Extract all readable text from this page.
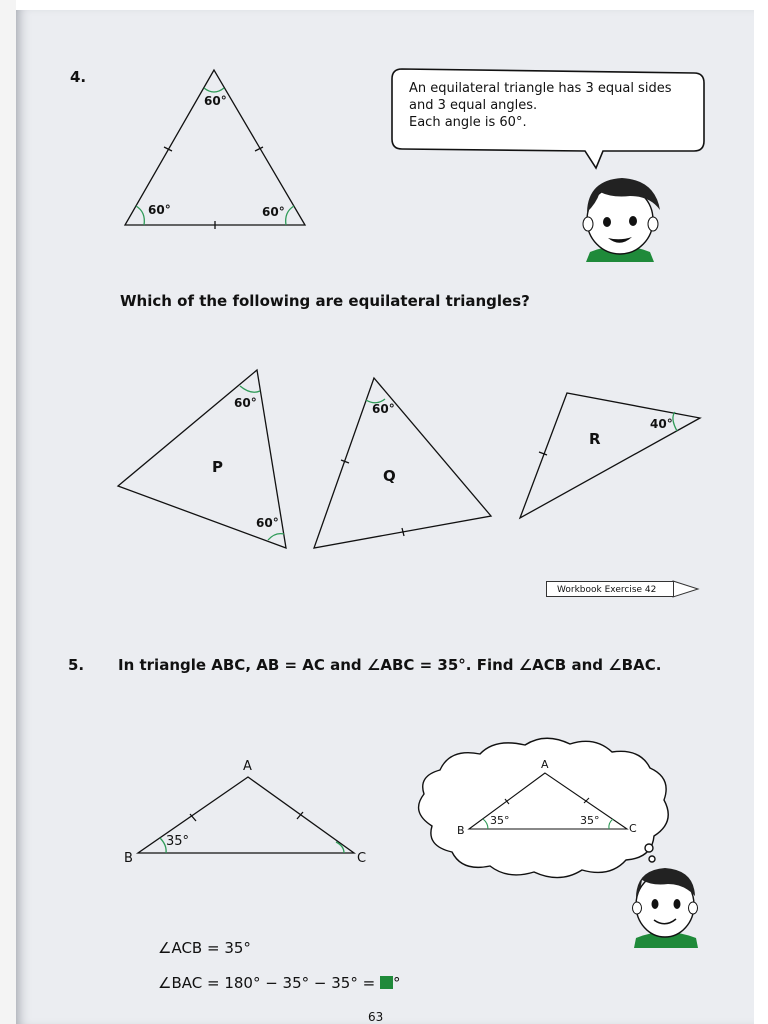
4.
60°
60°	60°
An equilateral triangle has 3 equal sides
and 3 equal angles.
Each angle is 60°.
Which of the following are equilateral triangles?
60°
60°
P
60°
Q
40°
R
Workbook Exercise 42
5. In triangle ABC, AB = AC and ∠ABC = 35°. Find ∠ACB and ∠BAC.
A
B	C
35°
A
B	C
35°	35°
∠ACB = 35°
∠BAC = 180° − 35° − 35° = °
63
